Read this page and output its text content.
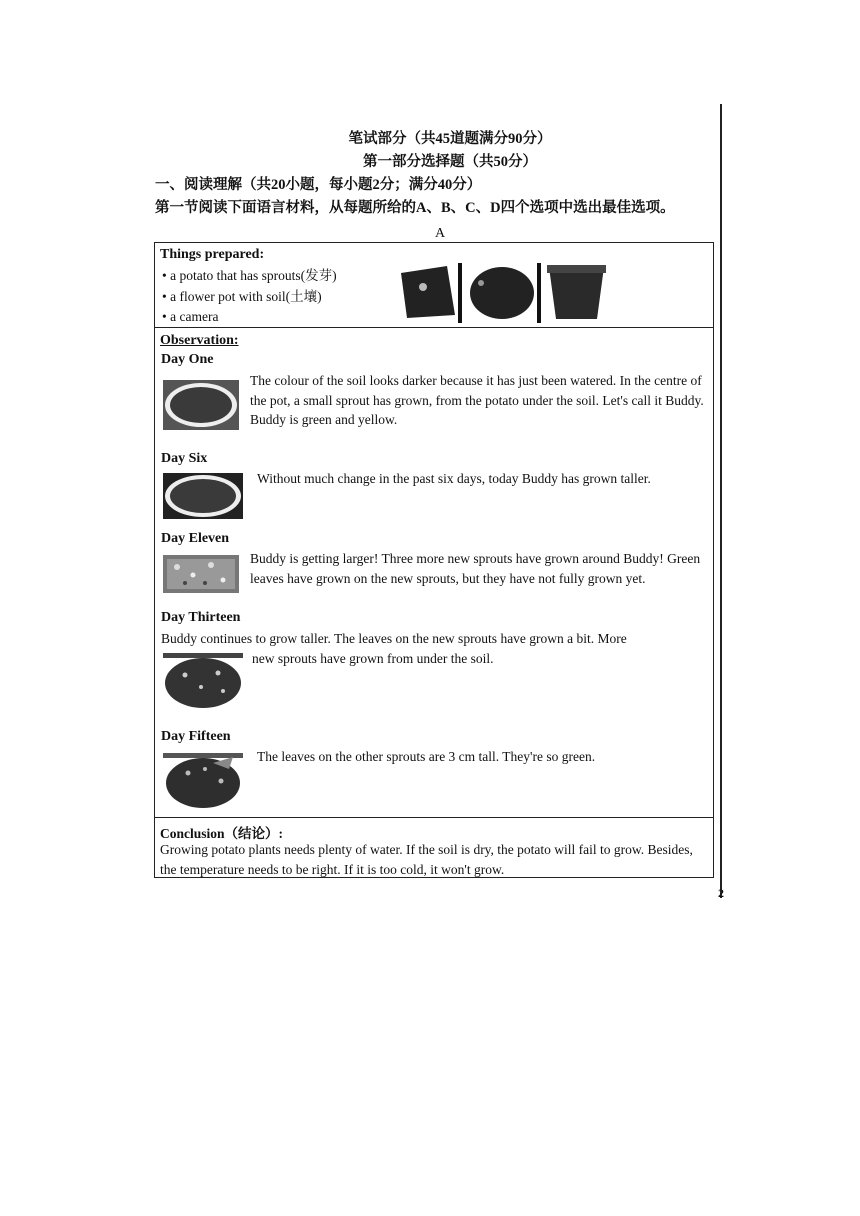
笔试部分（共45道题满分90分）
第一部分选择题（共50分）
一、阅读理解（共20小题，每小题2分；满分40分）
第一节阅读下面语言材料，从每题所给的A、B、C、D四个选项中选出最佳选项。
A
Things prepared:
• a potato that has sprouts(发芽)
• a flower pot with soil(土壤)
• a camera
Observation:
Day One
The colour of the soil looks darker because it has just been watered. In the centre of the pot, a small sprout has grown, from the potato under the soil. Let's call it Buddy. Buddy is green and yellow.
Day Six
Without much change in the past six days, today Buddy has grown taller.
Day Eleven
Buddy is getting larger! Three more new sprouts have grown around Buddy! Green leaves have grown on the new sprouts, but they have not fully grown yet.
Day Thirteen
Buddy continues to grow taller. The leaves on the new sprouts have grown a bit. More
new sprouts have grown from under the soil.
Day Fifteen
The leaves on the other sprouts are 3 cm tall. They're so green.
Conclusion（结论）:
Growing potato plants needs plenty of water. If the soil is dry, the potato will fail to grow. Besides, the temperature needs to be right. If it is too cold, it won't grow.
2
